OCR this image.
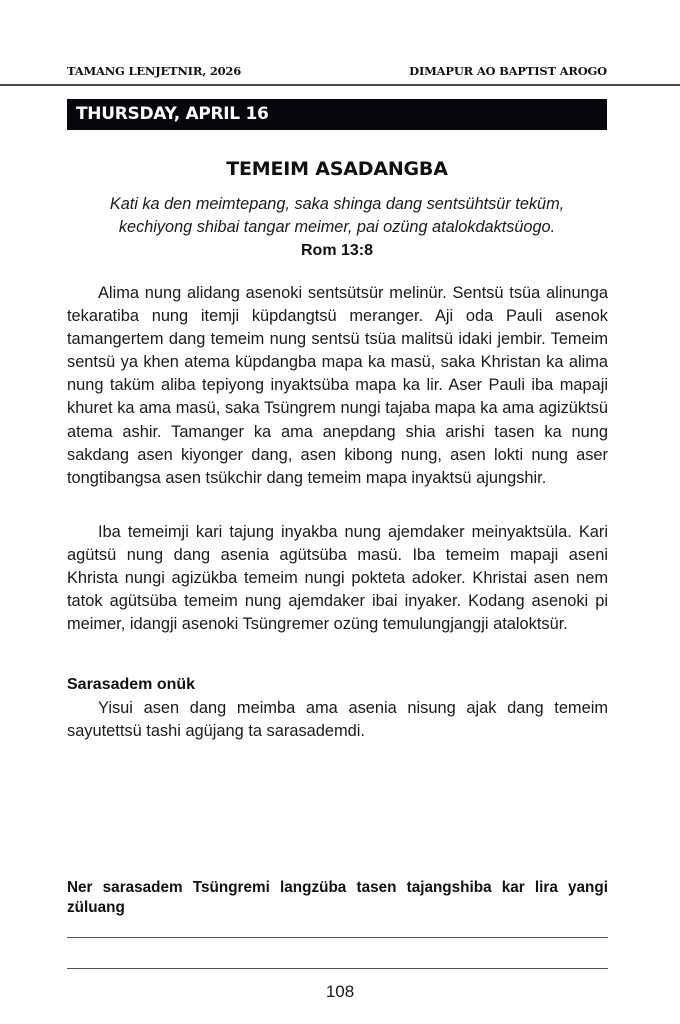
TAMANG LENJETNIR, 2026	DIMAPUR AO BAPTIST AROGO
THURSDAY, APRIL 16
TEMEIM ASADANGBA
Kati ka den meimtepang, saka shinga dang sentsühtsür teküm,
kechiyong shibai tangar meimer, pai ozüng atalokdaktsüogo.
Rom 13:8

Alima nung alidang asenoki sentsütsür melinür. Sentsü tsüa alinunga tekaratiba nung itemji küpdangtsü meranger. Aji oda Pauli asenok tamangertem dang temeim nung sentsü tsüa malitsü idaki jembir. Temeim sentsü ya khen atema küpdangba mapa ka masü, saka Khristan ka alima nung taküm aliba tepiyong inyaktsüba mapa ka lir. Aser Pauli iba mapaji khuret ka ama masü, saka Tsüngrem nungi tajaba mapa ka ama agizüktsü atema ashir. Tamanger ka ama anepdang shia arishi tasen ka nung sakdang asen kiyonger dang, asen kibong nung, asen lokti nung aser tongtibangsa asen tsükchir dang temeim mapa inyaktsü ajungshir.

Iba temeimji kari tajung inyakba nung ajemdaker meinyaktsüla. Kari agütsü nung dang asenia agütsüba masü. Iba temeim mapaji aseni Khrista nungi agizükba temeim nungi pokteta adoker. Khristai asen nem tatok agütsüba temeim nung ajemdaker ibai inyaker. Kodang asenoki pi meimer, idangji asenoki Tsüngremer ozüng temulungjangji ataloktsür.

Sarasadem onük

Yisui asen dang meimba ama asenia nisung ajak dang temeim sayutettsü tashi agüjang ta sarasademdi.

Ner sarasadem Tsüngremi langzüba tasen tajangshiba kar lira yangi züluang

108
